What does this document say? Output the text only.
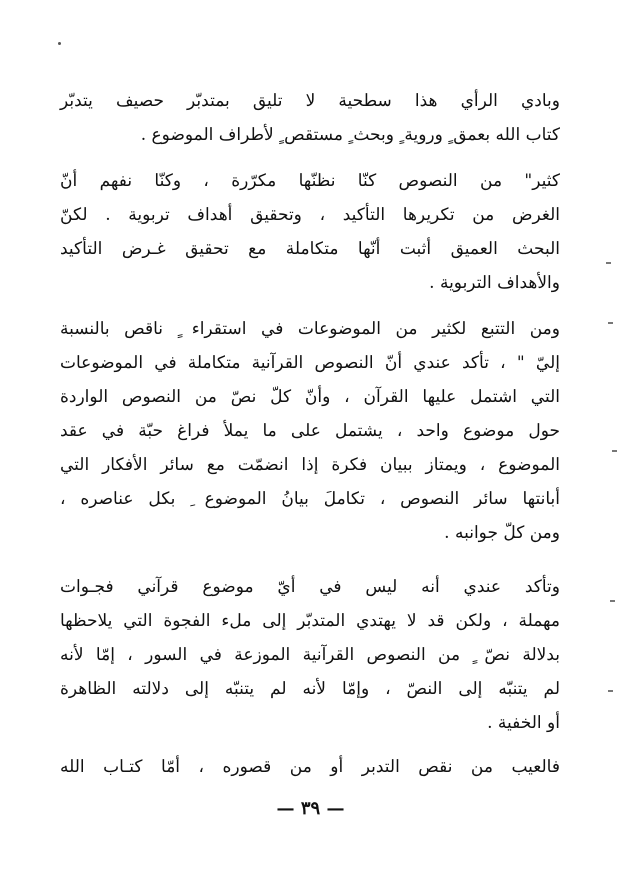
وبادي الرأي هذا سطحية لا تليق بمتدبّر حصيف يتدبّر
كتاب الله بعمق ٍ وروية ٍ وبحث ٍ مستقص ٍ لأطراف الموضوع .
كثير" من النصوص كنّا نظنّها مكرّرة ، وكنّا نفهم أنّ
الغرض من تكريرها التأكيد ، وتحقيق أهداف تربوية . لكنّ
البحث العميق أثبت أنّها متكاملة مع تحقيق غـرض التأكيد
والأهداف التربوية .
ومن التتبع لكثير من الموضوعات في استقراء ٍ ناقص بالنسبة
إليّ " ، تأكد عندي أنّ النصوص القرآنية متكاملة في الموضوعات
التي اشتمل عليها القرآن ، وأنّ كلّ نصّ من النصوص الواردة
حول موضوع واحد ، يشتمل على ما يملأ فراغ حبّة في عقد
الموضوع ، ويمتاز ببيان فكرة إذا انضمّت مع سائر الأفكار التي
أبانتها سائر النصوص ، تكاملَ بيانُ الموضوع ِ بكل عناصره ،
ومن كلّ جوانبه .
وتأكد عندي أنه ليس في أيّ موضوع قرآني فجـوات
مهملة ، ولكن قد لا يهتدي المتدبّر إلى ملء الفجوة التي يلاحظها
بدلالة نصّ ٍ من النصوص القرآنية الموزعة في السور ، إمّا لأنه
لم يتنبّه إلى النصّ ، وإمّا لأنه لم يتنبّه إلى دلالته الظاهرة
أو الخفية .
فالعيب من نقص التدبر أو من قصوره ، أمّا كتـاب الله
— ٣٩ —
